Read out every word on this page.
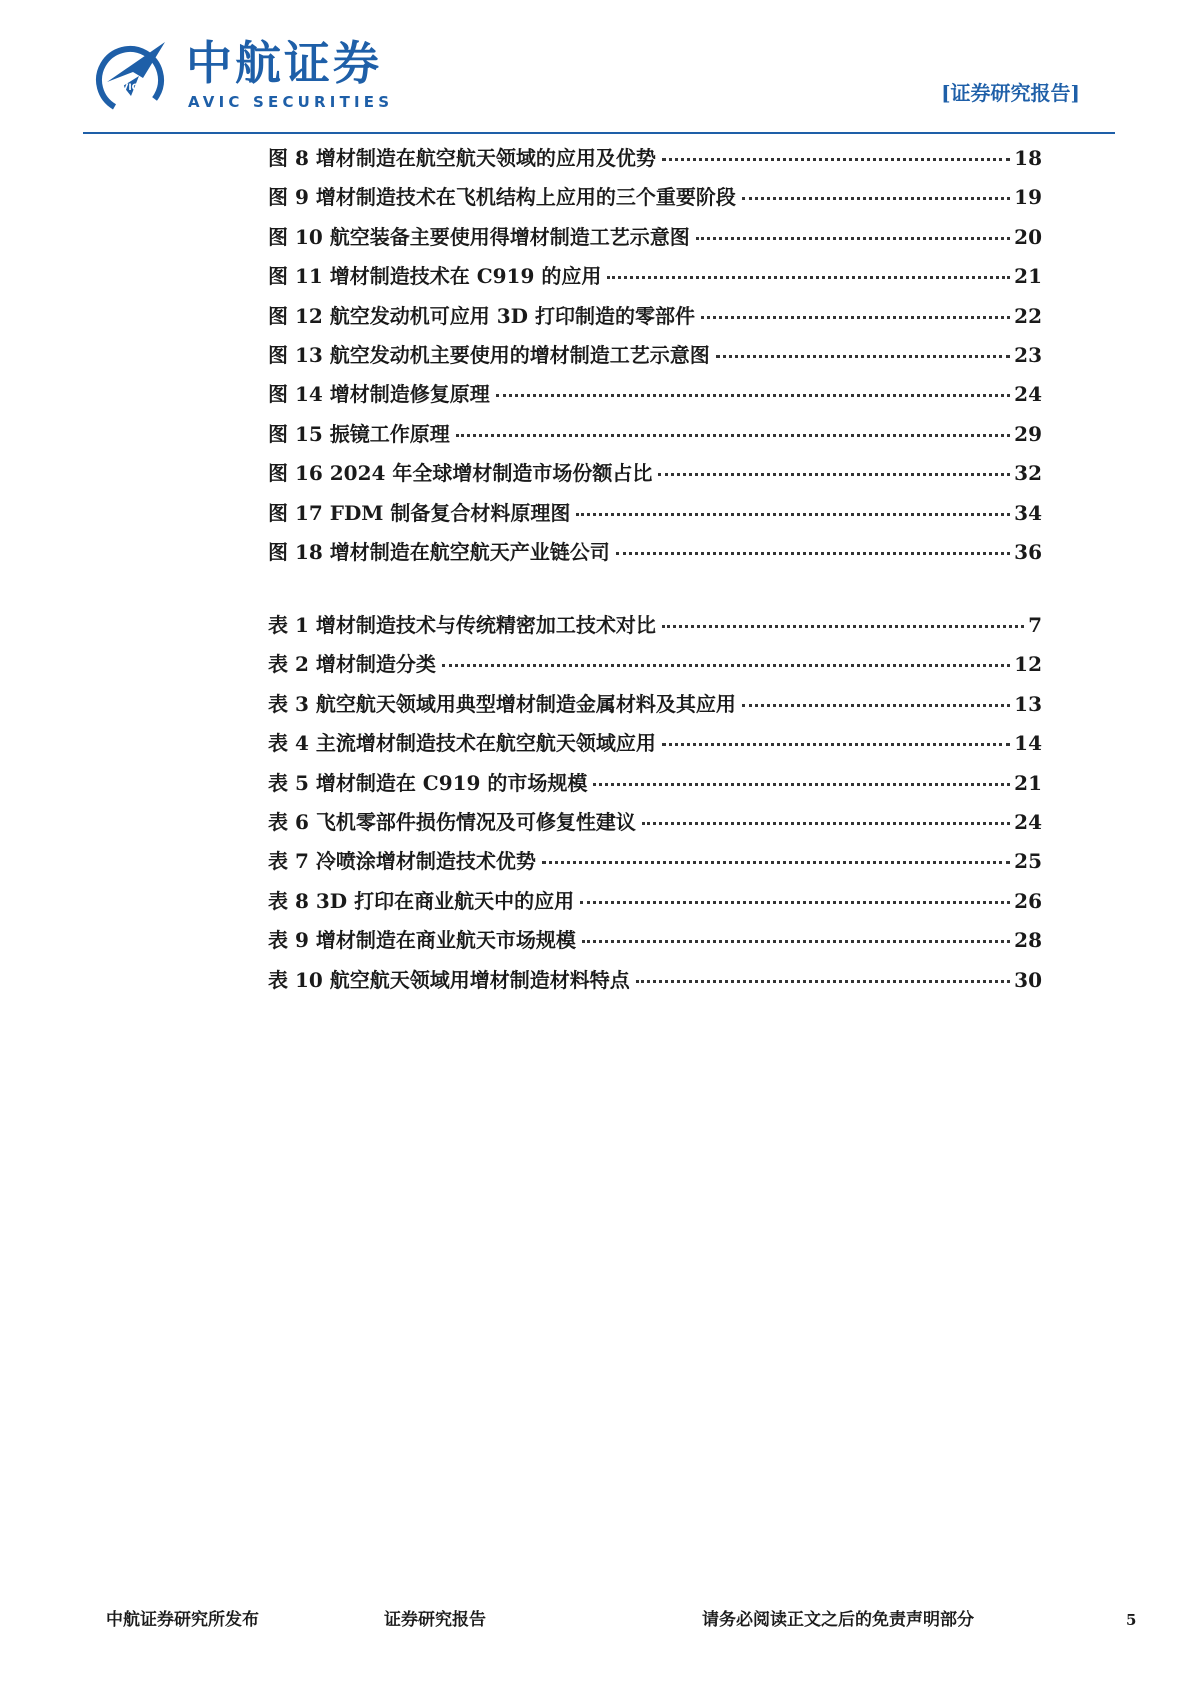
AVIC 中航证券
AVIC SECURITIES	[证券研究报告]
图 8 增材制造在航空航天领域的应用及优势	18
图 9 增材制造技术在飞机结构上应用的三个重要阶段	19
图 10 航空装备主要使用得增材制造工艺示意图	20
图 11 增材制造技术在 C919 的应用	21
图 12 航空发动机可应用 3D 打印制造的零部件	22
图 13 航空发动机主要使用的增材制造工艺示意图	23
图 14 增材制造修复原理	24
图 15 振镜工作原理	29
图 16 2024 年全球增材制造市场份额占比	32
图 17 FDM 制备复合材料原理图	34
图 18 增材制造在航空航天产业链公司	36
表 1 增材制造技术与传统精密加工技术对比	7
表 2 增材制造分类	12
表 3 航空航天领域用典型增材制造金属材料及其应用	13
表 4 主流增材制造技术在航空航天领域应用	14
表 5 增材制造在 C919 的市场规模	21
表 6 飞机零部件损伤情况及可修复性建议	24
表 7 冷喷涂增材制造技术优势	25
表 8 3D 打印在商业航天中的应用	26
表 9 增材制造在商业航天市场规模	28
表 10 航空航天领域用增材制造材料特点	30
中航证券研究所发布	证券研究报告	请务必阅读正文之后的免责声明部分	5
